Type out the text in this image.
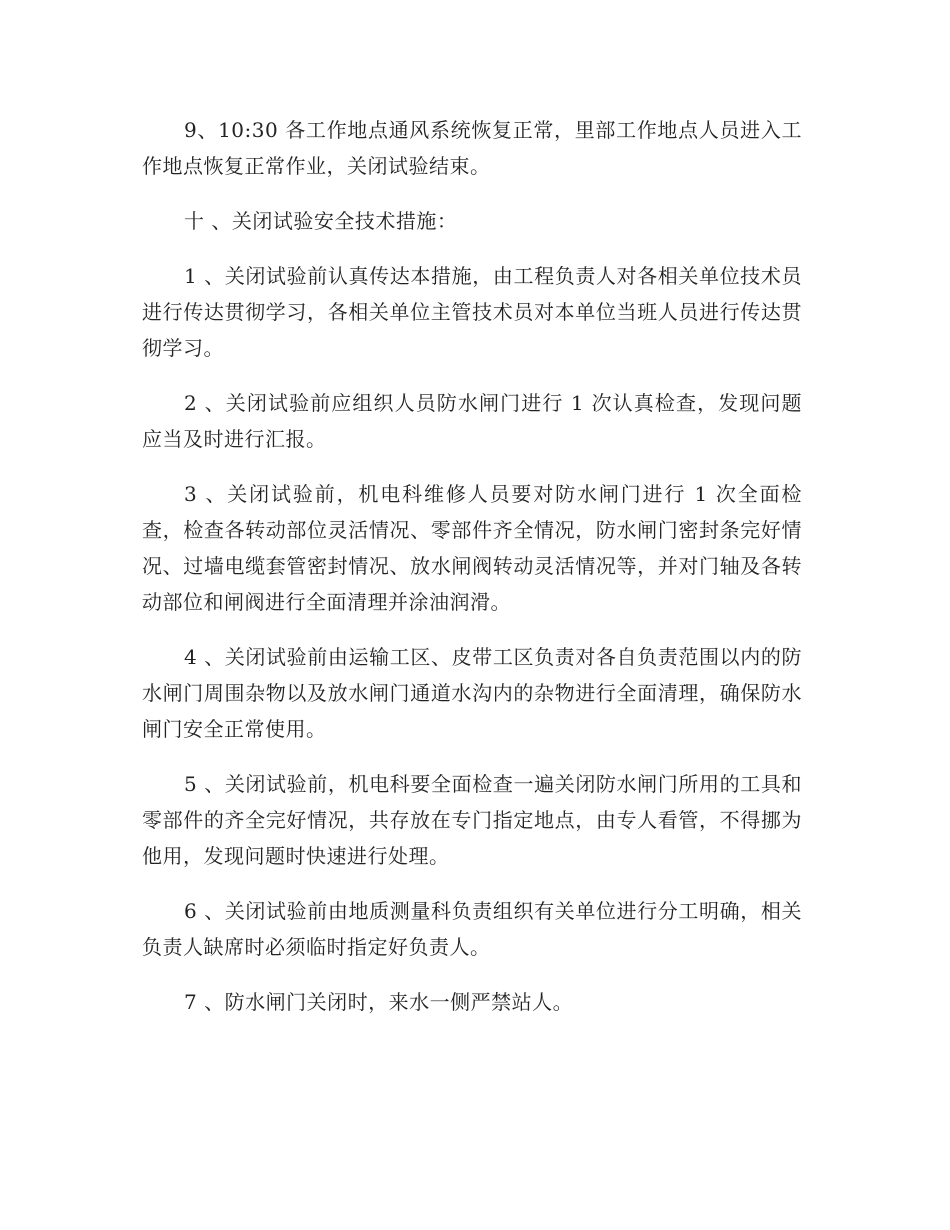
9、10:30 各工作地点通风系统恢复正常，里部工作地点人员进入工作地点恢复正常作业，关闭试验结束。

十 、关闭试验安全技术措施：

1 、关闭试验前认真传达本措施，由工程负责人对各相关单位技术员进行传达贯彻学习，各相关单位主管技术员对本单位当班人员进行传达贯彻学习。

2 、关闭试验前应组织人员防水闸门进行 1 次认真检查，发现问题应当及时进行汇报。

3 、关闭试验前，机电科维修人员要对防水闸门进行 1 次全面检查，检查各转动部位灵活情况、零部件齐全情况，防水闸门密封条完好情况、过墙电缆套管密封情况、放水闸阀转动灵活情况等，并对门轴及各转动部位和闸阀进行全面清理并涂油润滑。

4 、关闭试验前由运输工区、皮带工区负责对各自负责范围以内的防水闸门周围杂物以及放水闸门通道水沟内的杂物进行全面清理，确保防水闸门安全正常使用。

5 、关闭试验前，机电科要全面检查一遍关闭防水闸门所用的工具和零部件的齐全完好情况，共存放在专门指定地点，由专人看管，不得挪为他用，发现问题时快速进行处理。

6 、关闭试验前由地质测量科负责组织有关单位进行分工明确，相关负责人缺席时必须临时指定好负责人。

7 、防水闸门关闭时，来水一侧严禁站人。
